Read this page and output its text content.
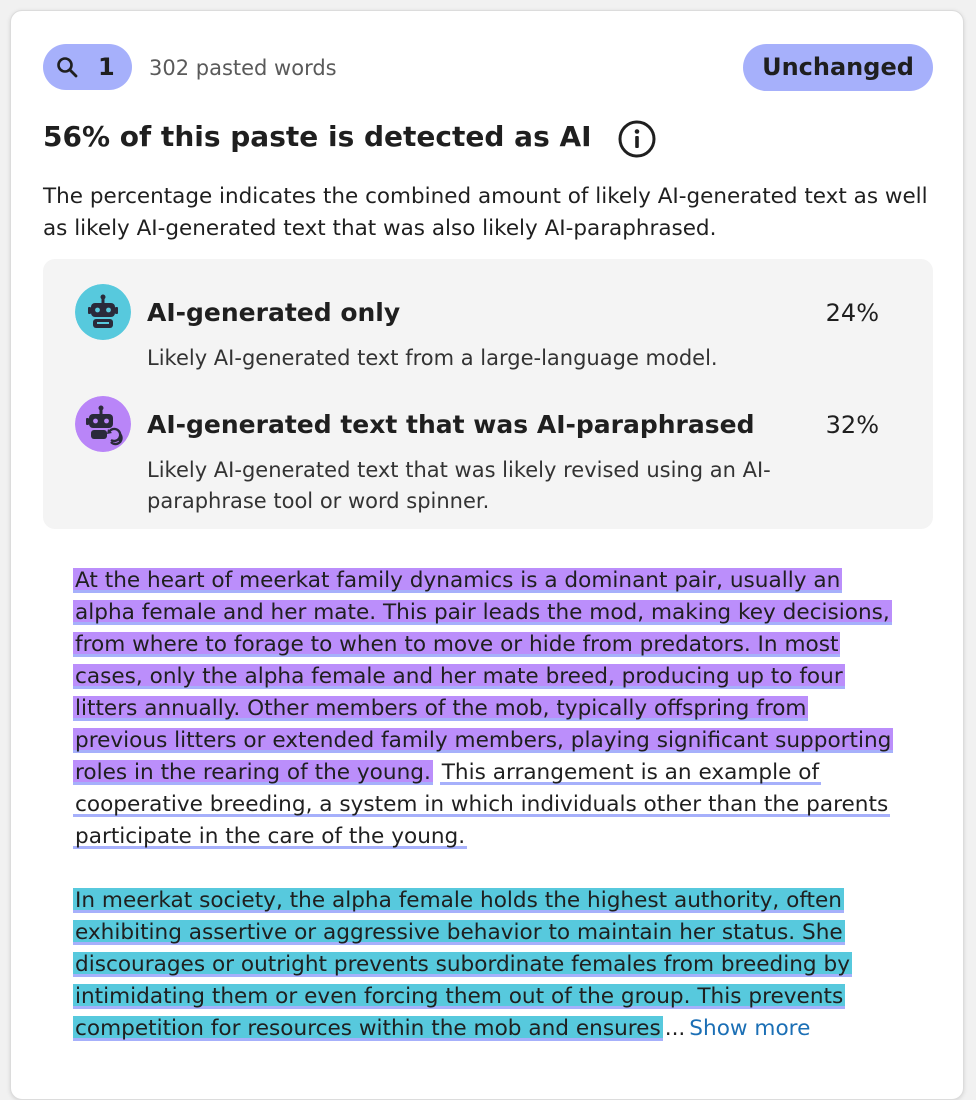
1 302 pasted words	Unchanged
56% of this paste is detected as AI
The percentage indicates the combined amount of likely AI-generated text as well as likely AI-generated text that was also likely AI-paraphrased.
AI-generated only	24%
Likely AI-generated text from a large-language model.
AI-generated text that was AI-paraphrased	32%
Likely AI-generated text that was likely revised using an AI-paraphrase tool or word spinner.
At the heart of meerkat family dynamics is a dominant pair, usually an alpha female and her mate. This pair leads the mod, making key decisions, from where to forage to when to move or hide from predators. In most cases, only the alpha female and her mate breed, producing up to four litters annually. Other members of the mob, typically offspring from previous litters or extended family members, playing significant supporting roles in the rearing of the young. This arrangement is an example of cooperative breeding, a system in which individuals other than the parents participate in the care of the young.
In meerkat society, the alpha female holds the highest authority, often exhibiting assertive or aggressive behavior to maintain her status. She discourages or outright prevents subordinate females from breeding by intimidating them or even forcing them out of the group. This prevents competition for resources within the mob and ensures ... Show more
